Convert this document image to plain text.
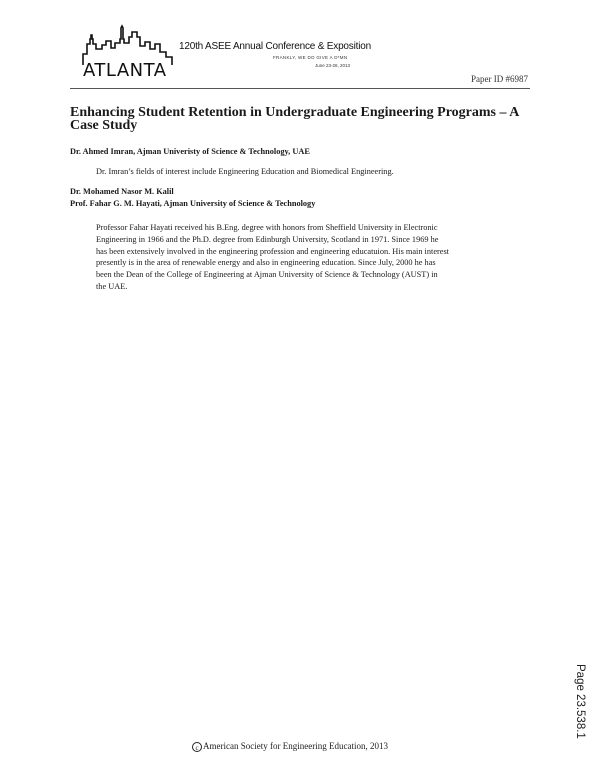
ATLANTA
120th ASEE Annual Conference & Exposition
FRANKLY, WE DO GIVE A D*MN
June 23-26, 2013
Paper ID #6987
Enhancing Student Retention in Undergraduate Engineering Programs – A Case Study

Dr. Ahmed Imran, Ajman Univeristy of Science & Technology, UAE

Dr. Imran’s fields of interest include Engineering Education and Biomedical Engineering.

Dr. Mohamed Nasor M. Kalil

Prof. Fahar G. M. Hayati, Ajman University of Science & Technology

Professor Fahar Hayati received his B.Eng. degree with honors from Sheffield University in Electronic
Engineering in 1966 and the Ph.D. degree from Edinburgh University, Scotland in 1971. Since 1969 he
has been extensively involved in the engineering profession and engineering educatuion. His main interest
presently is in the area of renewable energy and also in engineering education. Since July, 2000 he has
been the Dean of the College of Engineering at Ajman University of Science & Technology (AUST) in
the UAE.

Page 23.538.1
c American Society for Engineering Education, 2013
